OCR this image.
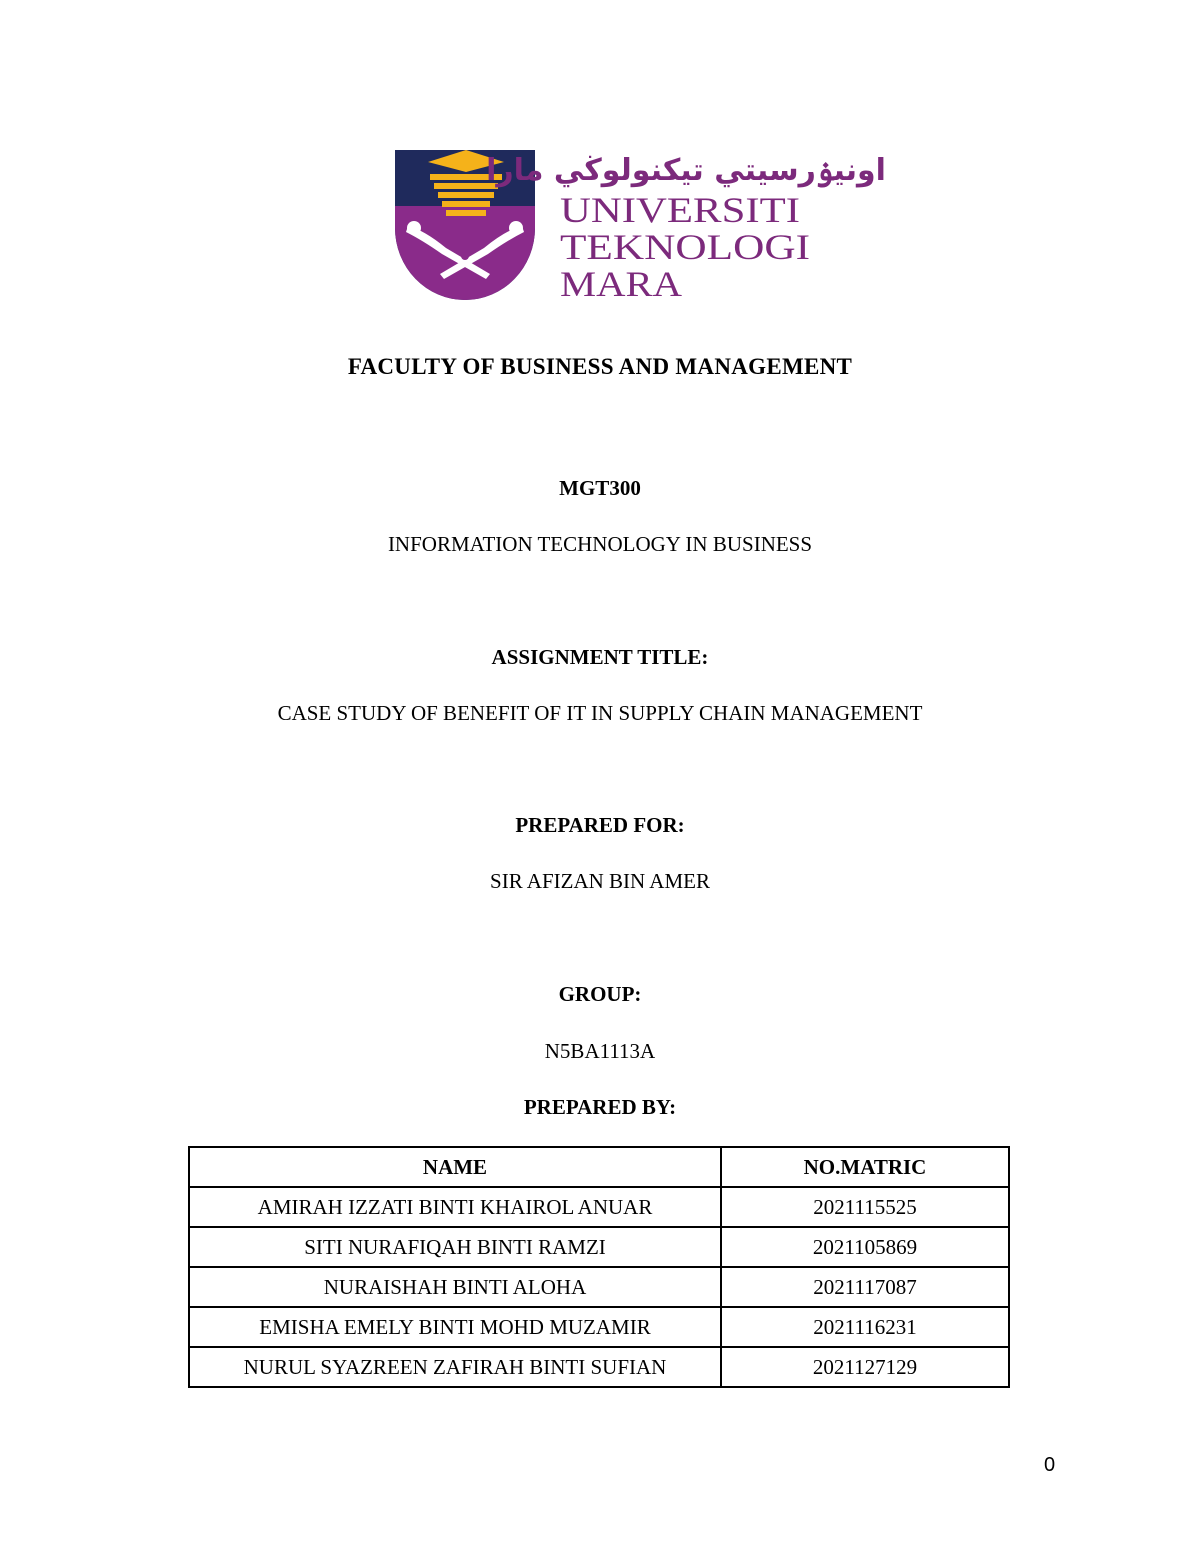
اونيۏرسيتي تيكنولوڬي مارا
UNIVERSITI
TEKNOLOGI
MARA
FACULTY OF BUSINESS AND MANAGEMENT
MGT300
INFORMATION TECHNOLOGY IN BUSINESS
ASSIGNMENT TITLE:
CASE STUDY OF BENEFIT OF IT IN SUPPLY CHAIN MANAGEMENT
PREPARED FOR:
SIR AFIZAN BIN AMER
GROUP:
N5BA1113A
PREPARED BY:
NAME	NO.MATRIC
AMIRAH IZZATI BINTI KHAIROL ANUAR	2021115525
SITI NURAFIQAH BINTI RAMZI	2021105869
NURAISHAH BINTI ALOHA	2021117087
EMISHA EMELY BINTI MOHD MUZAMIR	2021116231
NURUL SYAZREEN ZAFIRAH BINTI SUFIAN	2021127129
0
